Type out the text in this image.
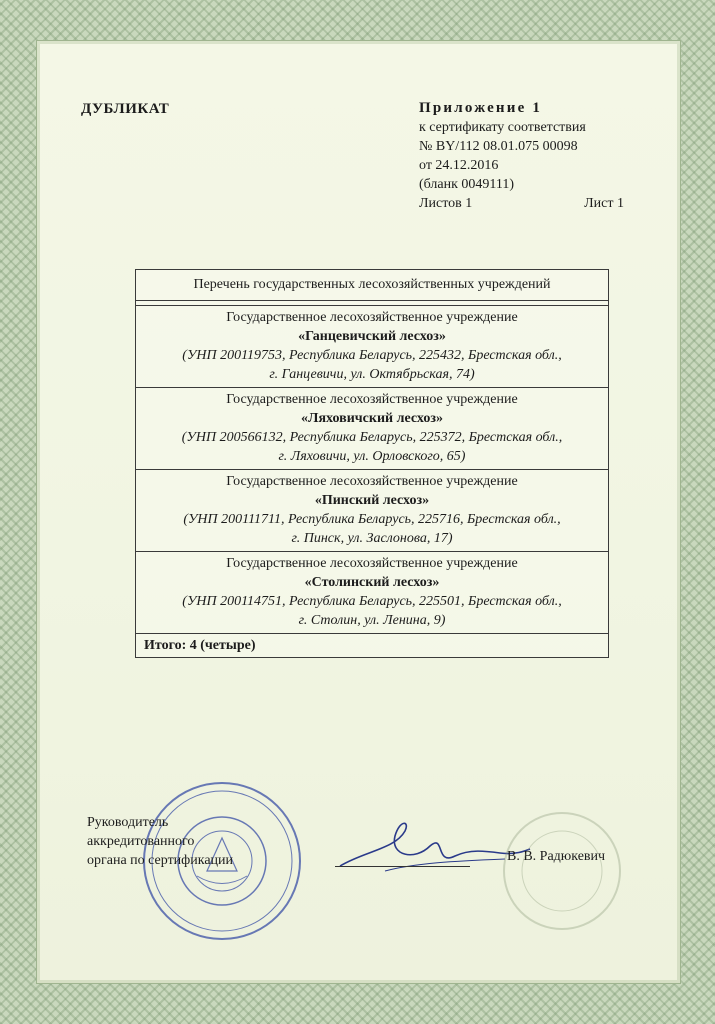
ДУБЛИКАТ	Приложение 1
к сертификату соответствия
№ BY/112 08.01.075 00098
от 24.12.2016
(бланк 0049111)
Листов 1	Лист 1
Перечень государственных лесохозяйственных учреждений
Государственное лесохозяйственное учреждение
«Ганцевичский лесхоз»
(УНП 200119753, Республика Беларусь, 225432, Брестская обл.,
г. Ганцевичи, ул. Октябрьская, 74)
Государственное лесохозяйственное учреждение
«Ляховичский лесхоз»
(УНП 200566132, Республика Беларусь, 225372, Брестская обл.,
г. Ляховичи, ул. Орловского, 65)
Государственное лесохозяйственное учреждение
«Пинский лесхоз»
(УНП 200111711, Республика Беларусь, 225716, Брестская обл.,
г. Пинск, ул. Заслонова, 17)
Государственное лесохозяйственное учреждение
«Столинский лесхоз»
(УНП 200114751, Республика Беларусь, 225501, Брестская обл.,
г. Столин, ул. Ленина, 9)
Итого: 4 (четыре)
Руководитель
аккредитованного
органа по сертификации	В. В. Радюкевич
